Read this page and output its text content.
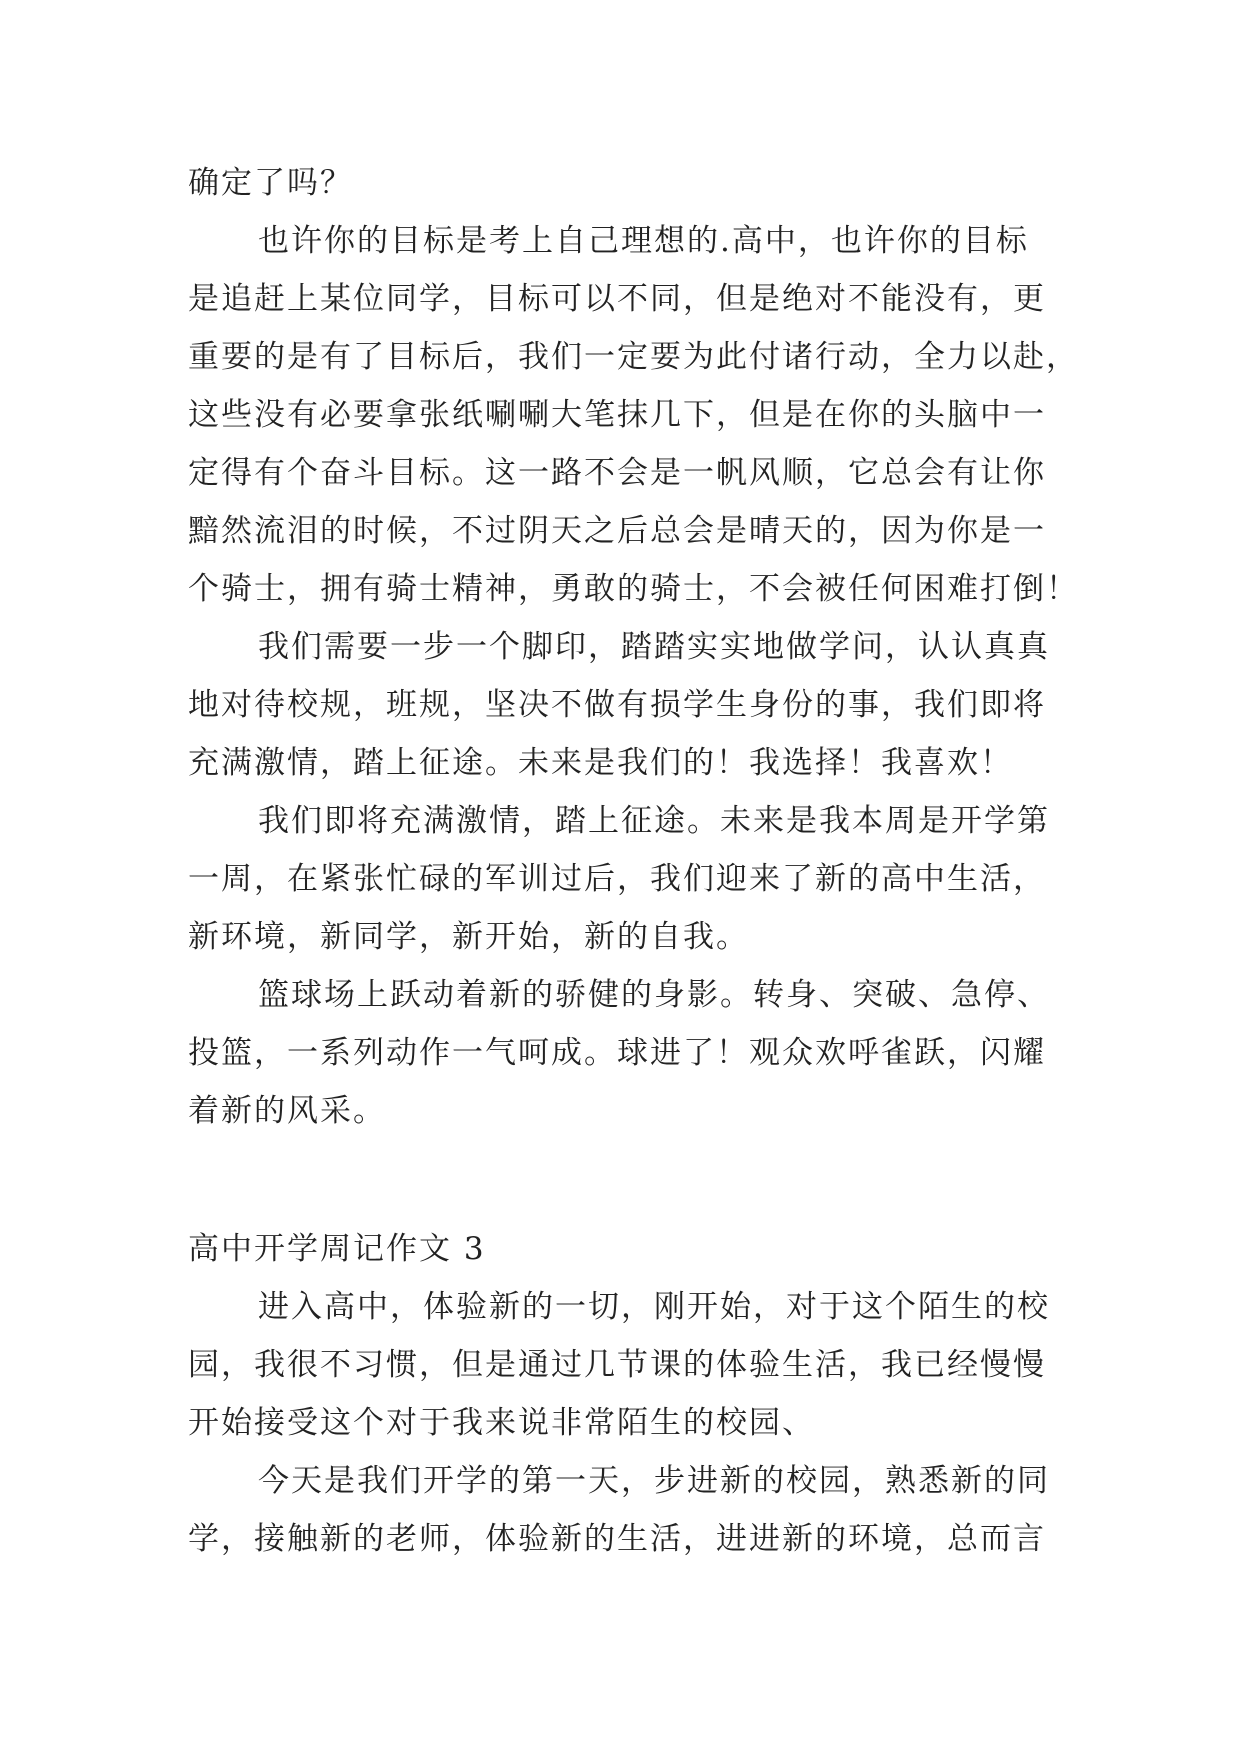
确定了吗？
也许你的目标是考上自己理想的.高中，也许你的目标
是追赶上某位同学，目标可以不同，但是绝对不能没有，更
重要的是有了目标后，我们一定要为此付诸行动，全力以赴，
这些没有必要拿张纸唰唰大笔抹几下，但是在你的头脑中一
定得有个奋斗目标。这一路不会是一帆风顺，它总会有让你
黯然流泪的时候，不过阴天之后总会是晴天的，因为你是一
个骑士，拥有骑士精神，勇敢的骑士，不会被任何困难打倒！
我们需要一步一个脚印，踏踏实实地做学问，认认真真
地对待校规，班规，坚决不做有损学生身份的事，我们即将
充满激情，踏上征途。未来是我们的！我选择！我喜欢！
我们即将充满激情，踏上征途。未来是我本周是开学第
一周，在紧张忙碌的军训过后，我们迎来了新的高中生活，
新环境，新同学，新开始，新的自我。
篮球场上跃动着新的骄健的身影。转身、突破、急停、
投篮，一系列动作一气呵成。球进了！观众欢呼雀跃，闪耀
着新的风采。
高中开学周记作文 3
进入高中，体验新的一切，刚开始，对于这个陌生的校
园，我很不习惯，但是通过几节课的体验生活，我已经慢慢
开始接受这个对于我来说非常陌生的校园、
今天是我们开学的第一天，步进新的校园，熟悉新的同
学，接触新的老师，体验新的生活，进进新的环境，总而言
